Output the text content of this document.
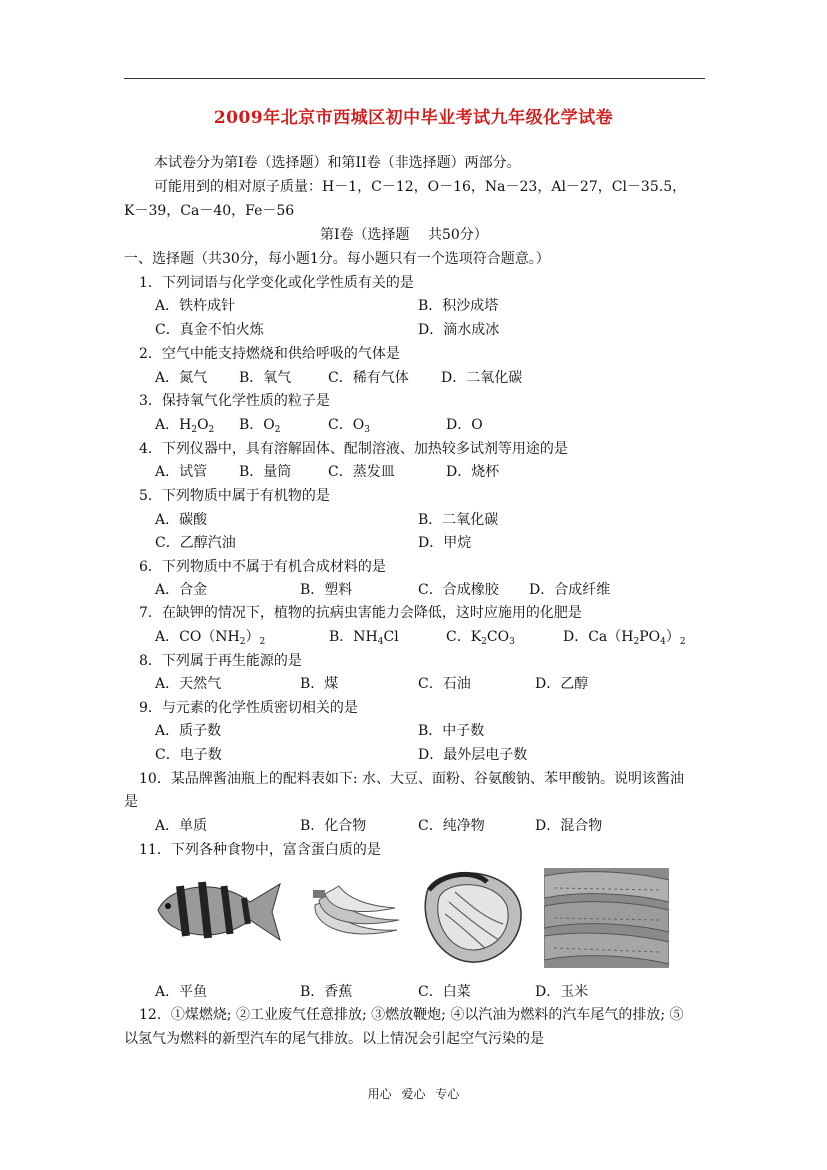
2009年北京市西城区初中毕业考试九年级化学试卷
本试卷分为第Ⅰ卷（选择题）和第II卷（非选择题）两部分。
可能用到的相对原子质量：H－1，C－12，O－16，Na－23，Al－27，Cl－35.5，
K－39，Ca－40，Fe－56
第Ⅰ卷（选择题　 共50分）
一、选择题（共30分，每小题1分。每小题只有一个选项符合题意。）
1．下列词语与化学变化或化学性质有关的是
A．铁杵成针	B．积沙成塔
C．真金不怕火炼	D．滴水成冰
2．空气中能支持燃烧和供给呼吸的气体是
A．氮气 B．氧气	C．稀有气体 D．二氧化碳
3．保持氧气化学性质的粒子是
A．$H_2O_2$ B．$O_2$	C．$O_3$	D．O
4．下列仪器中，具有溶解固体、配制溶液、加热较多试剂等用途的是
A．试管 B．量筒	C．蒸发皿	D．烧杯
5．下列物质中属于有机物的是
A．碳酸	B．二氧化碳
C．乙醇汽油	D．甲烷
6．下列物质中不属于有机合成材料的是
A．合金	B．塑料	C．合成橡胶 D．合成纤维
7．在缺钾的情况下，植物的抗病虫害能力会降低，这时应施用的化肥是
A．$CO(NH_2)_2$	B．$NH_4Cl$	C．$K_2CO_3$	D．$Ca(H_2PO_4)_2$
8．下列属于再生能源的是
A．天然气	B．煤	C．石油	D．乙醇
9．与元素的化学性质密切相关的是
A．质子数	B．中子数
C．电子数	D．最外层电子数
10．某品牌酱油瓶上的配料表如下: 水、大豆、面粉、谷氨酸钠、苯甲酸钠。说明该酱油
是
A．单质	B．化合物	C．纯净物	D．混合物
11．下列各种食物中，富含蛋白质的是
A．平鱼	B．香蕉	C．白菜	D．玉米
12．①煤燃烧; ②工业废气任意排放; ③燃放鞭炮; ④以汽油为燃料的汽车尾气的排放; ⑤
以氢气为燃料的新型汽车的尾气排放。以上情况会引起空气污染的是
用心 爱心 专心
